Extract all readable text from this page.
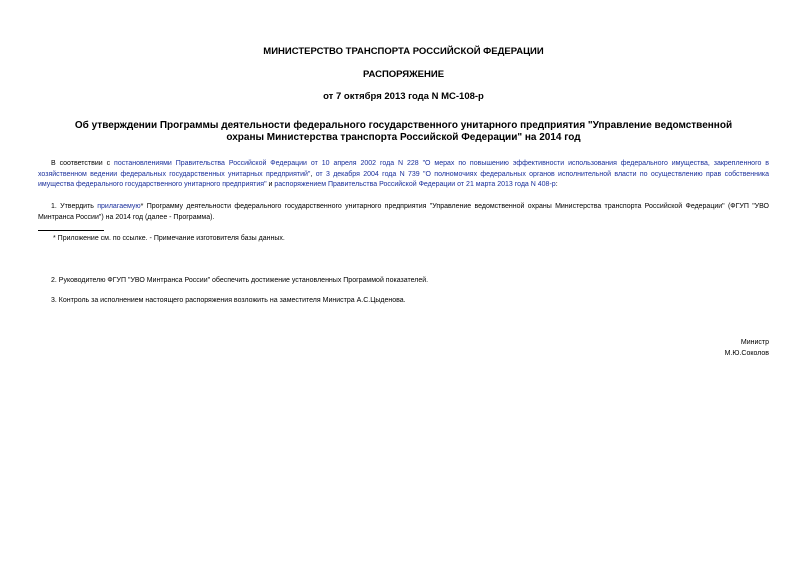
МИНИСТЕРСТВО ТРАНСПОРТА РОССИЙСКОЙ ФЕДЕРАЦИИ

РАСПОРЯЖЕНИЕ

от 7 октября 2013 года N МС-108-р

Об утверждении Программы деятельности федерального государственного унитарного предприятия "Управление ведомственной охраны Министерства транспорта Российской Федерации" на 2014 год

В соответствии с постановлениями Правительства Российской Федерации от 10 апреля 2002 года N 228 "О мерах по повышению эффективности использования федерального имущества, закрепленного в хозяйственном ведении федеральных государственных унитарных предприятий", от 3 декабря 2004 года N 739 "О полномочиях федеральных органов исполнительной власти по осуществлению прав собственника имущества федерального государственного унитарного предприятия" и распоряжением Правительства Российской Федерации от 21 марта 2013 года N 408-р:

1. Утвердить прилагаемую* Программу деятельности федерального государственного унитарного предприятия "Управление ведомственной охраны Министерства транспорта Российской Федерации" (ФГУП "УВО Минтранса России") на 2014 год (далее - Программа).

* Приложение см. по ссылке. - Примечание изготовителя базы данных.

2. Руководителю ФГУП "УВО Минтранса России" обеспечить достижение установленных Программой показателей.

3. Контроль за исполнением настоящего распоряжения возложить на заместителя Министра А.С.Цыденова.

Министр
М.Ю.Соколов
